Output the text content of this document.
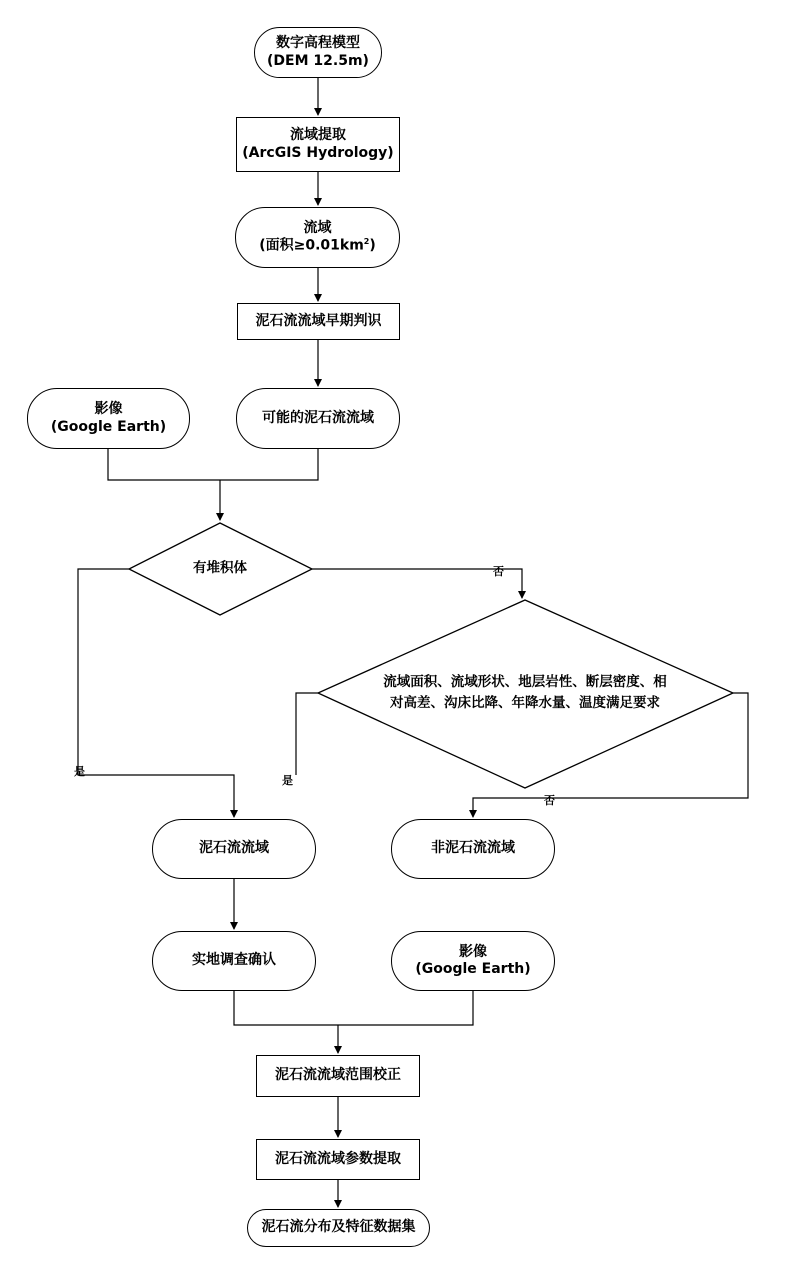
数字高程模型
(DEM 12.5m)
流域提取
(ArcGIS Hydrology)
流域
(面积$\ge 0.01km^2$)
泥石流流域早期判识
影像
(Google Earth)
可能的泥石流流域
有堆积体
流域面积、流域形状、地层岩性、断层密度、相
对高差、沟床比降、年降水量、温度满足要求
泥石流流域	非泥石流流域
实地调查确认
影像
(Google Earth)
泥石流流域范围校正
泥石流流域参数提取
泥石流分布及特征数据集
是
否
是
否
